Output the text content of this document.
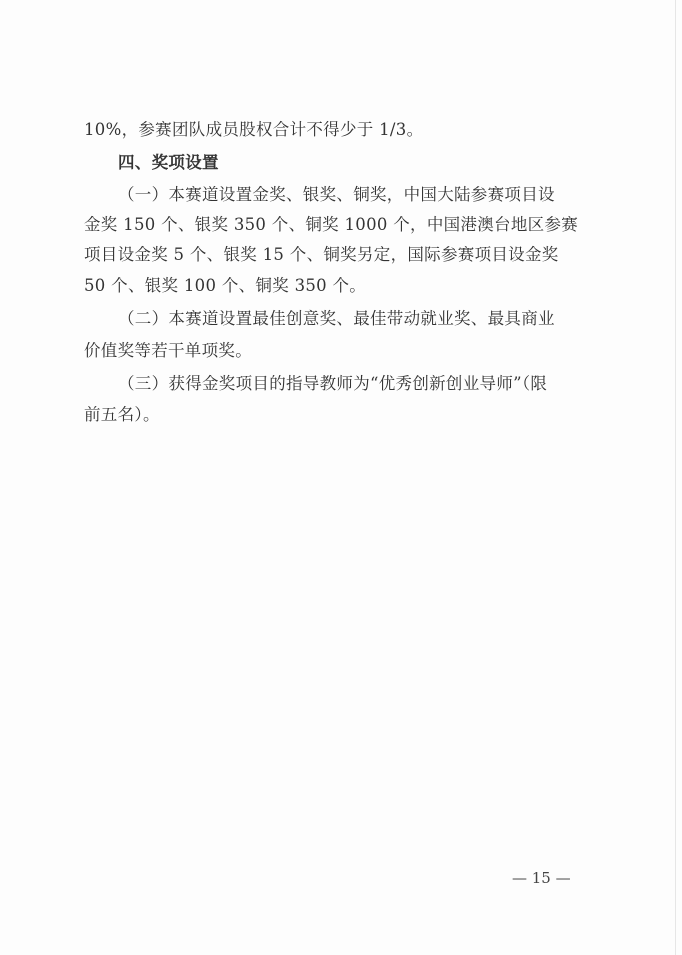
10%，参赛团队成员股权合计不得少于 1/3。
四、奖项设置
（一）本赛道设置金奖、银奖、铜奖，中国大陆参赛项目设
金奖 150 个、银奖 350 个、铜奖 1000 个，中国港澳台地区参赛
项目设金奖 5 个、银奖 15 个、铜奖另定，国际参赛项目设金奖
50 个、银奖 100 个、铜奖 350 个。
（二）本赛道设置最佳创意奖、最佳带动就业奖、最具商业
价值奖等若干单项奖。
（三）获得金奖项目的指导教师为“优秀创新创业导师”（限
前五名）。
— 15 —
